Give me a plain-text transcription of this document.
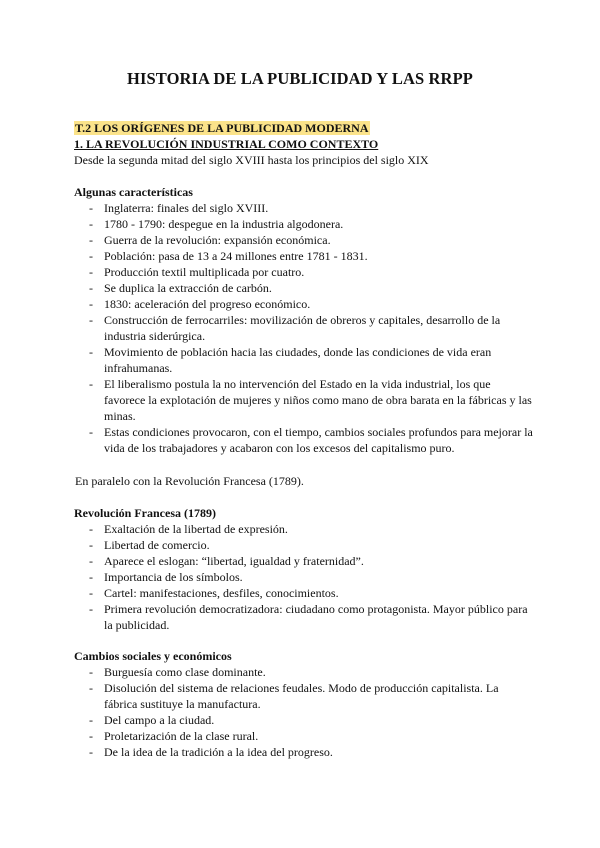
HISTORIA DE LA PUBLICIDAD Y LAS RRPP
T.2 LOS ORÍGENES DE LA PUBLICIDAD MODERNA
1. LA REVOLUCIÓN INDUSTRIAL COMO CONTEXTO
Desde la segunda mitad del siglo XVIII hasta los principios del siglo XIX
Algunas características
- Inglaterra: finales del siglo XVIII.
- 1780 - 1790: despegue en la industria algodonera.
- Guerra de la revolución: expansión económica.
- Población: pasa de 13 a 24 millones entre 1781 - 1831.
- Producción textil multiplicada por cuatro.
- Se duplica la extracción de carbón.
- 1830: aceleración del progreso económico.
- Construcción de ferrocarriles: movilización de obreros y capitales, desarrollo de la industria siderúrgica.
- Movimiento de población hacia las ciudades, donde las condiciones de vida eran infrahumanas.
- El liberalismo postula la no intervención del Estado en la vida industrial, los que favorece la explotación de mujeres y niños como mano de obra barata en la fábricas y las minas.
- Estas condiciones provocaron, con el tiempo, cambios sociales profundos para mejorar la vida de los trabajadores y acabaron con los excesos del capitalismo puro.
En paralelo con la Revolución Francesa (1789).
Revolución Francesa (1789)
- Exaltación de la libertad de expresión.
- Libertad de comercio.
- Aparece el eslogan: “libertad, igualdad y fraternidad”.
- Importancia de los símbolos.
- Cartel: manifestaciones, desfiles, conocimientos.
- Primera revolución democratizadora: ciudadano como protagonista. Mayor público para la publicidad.
Cambios sociales y económicos
- Burguesía como clase dominante.
- Disolución del sistema de relaciones feudales. Modo de producción capitalista. La fábrica sustituye la manufactura.
- Del campo a la ciudad.
- Proletarización de la clase rural.
- De la idea de la tradición a la idea del progreso.
